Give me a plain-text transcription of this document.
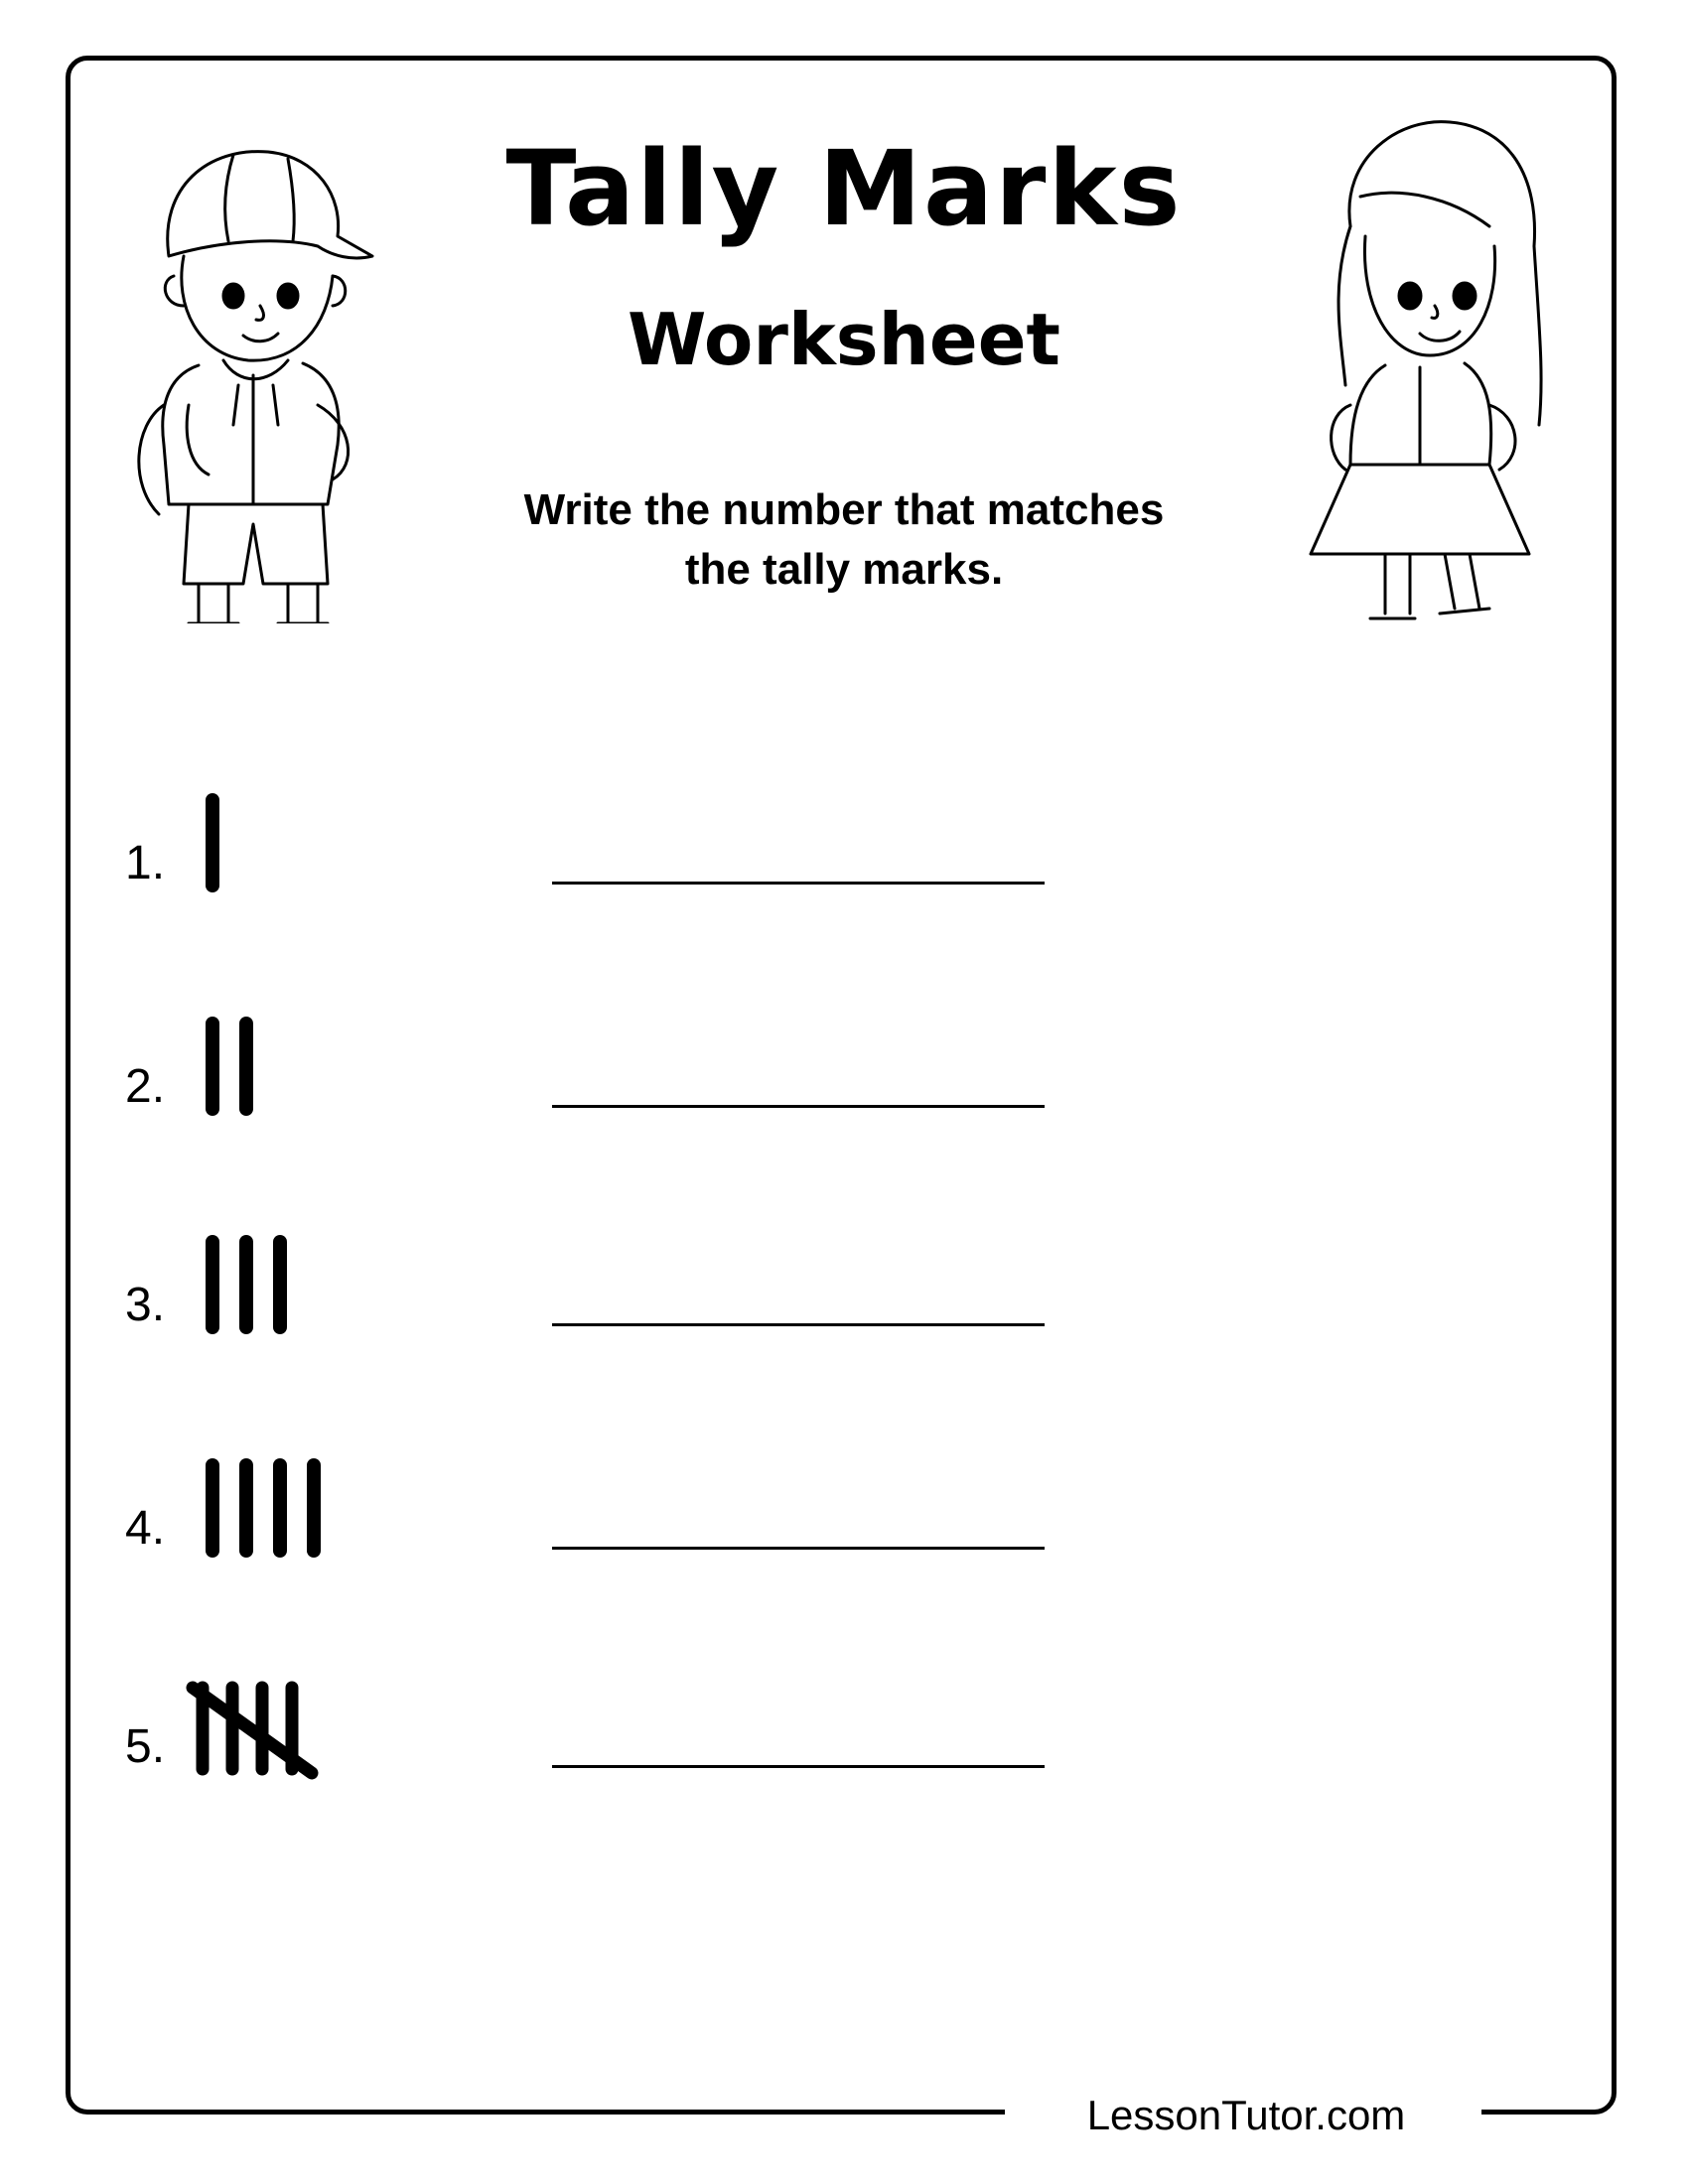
LessonTutor.com
Tally Marks
Worksheet
Write the number that matches
the tally marks.
1.
2.
3.
4.
5.
